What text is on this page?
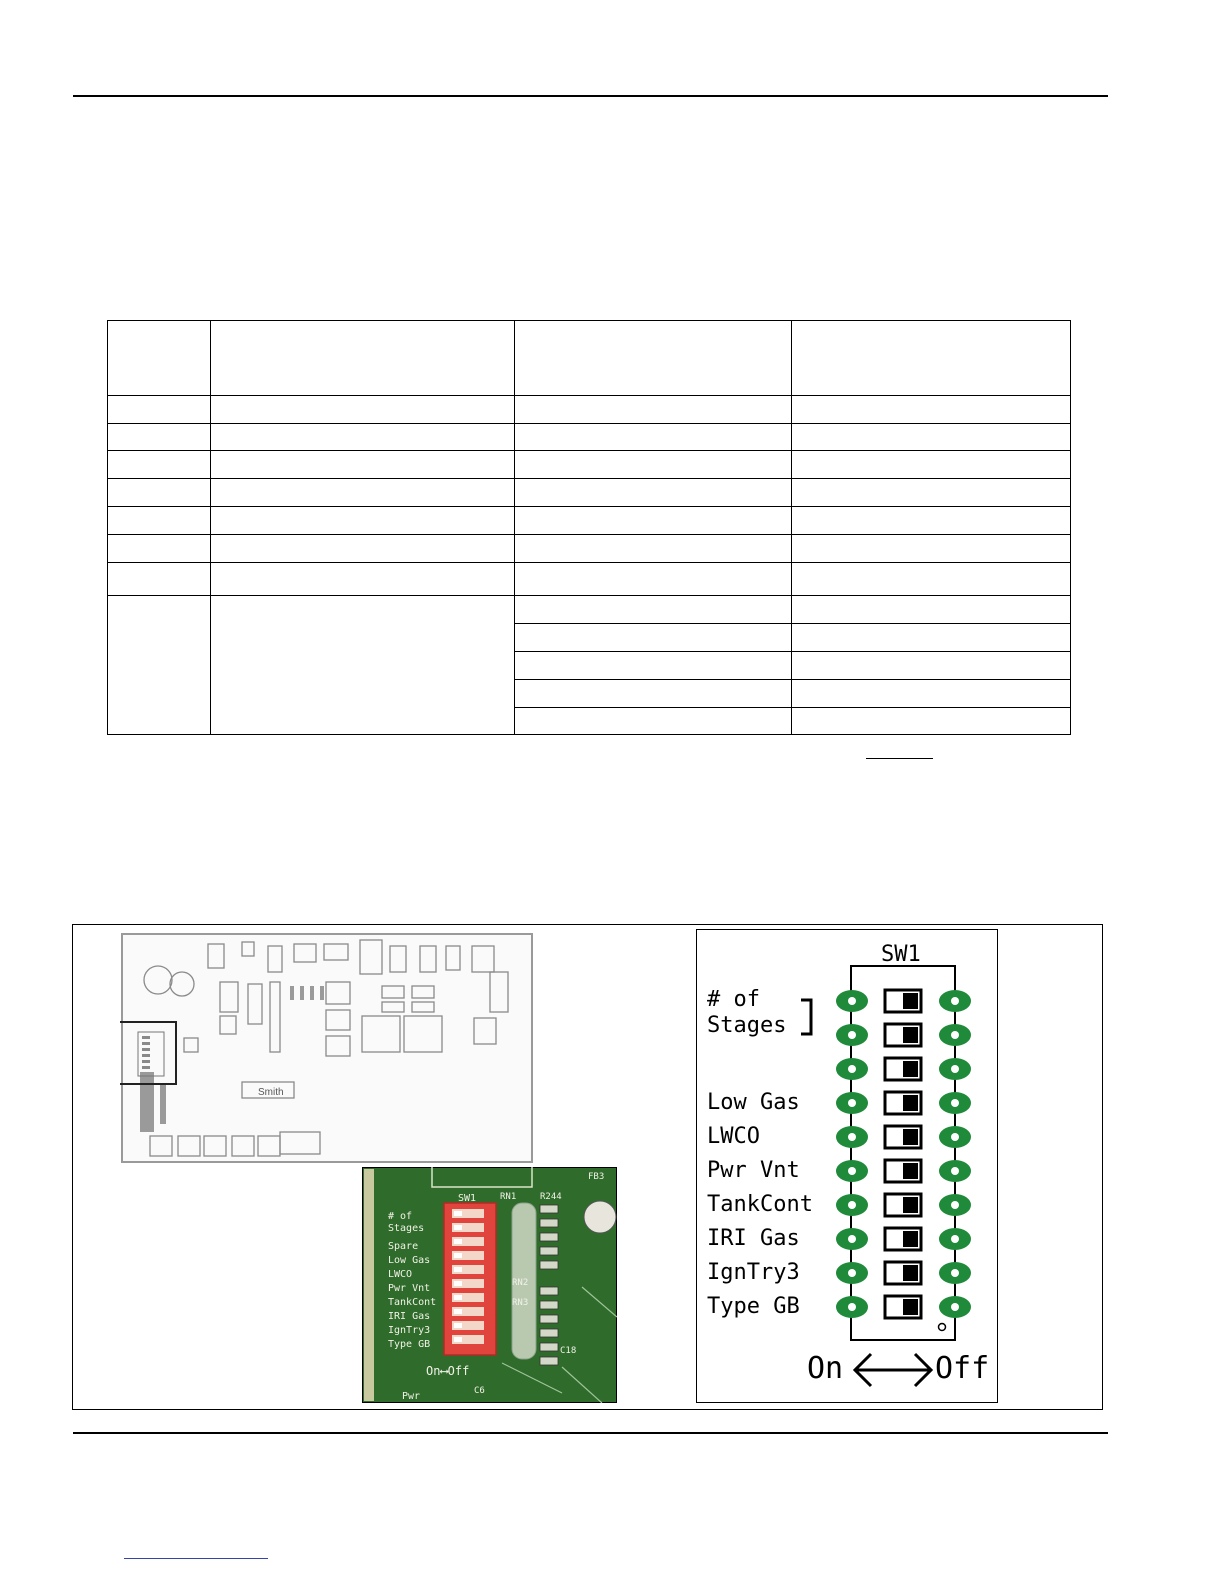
Smith
SW1
# of
Stages
Spare
Low Gas
LWCO
Pwr Vnt
TankCont
IRI Gas
IgnTry3
Type GB
On⟷Off
RN1	R244
FB3
RN2
RN3
C18
C6
Pwr
SW1
# of
Stages
Low Gas
LWCO
Pwr Vnt
TankCont
IRI Gas
IgnTry3
Type GB
On	Off
